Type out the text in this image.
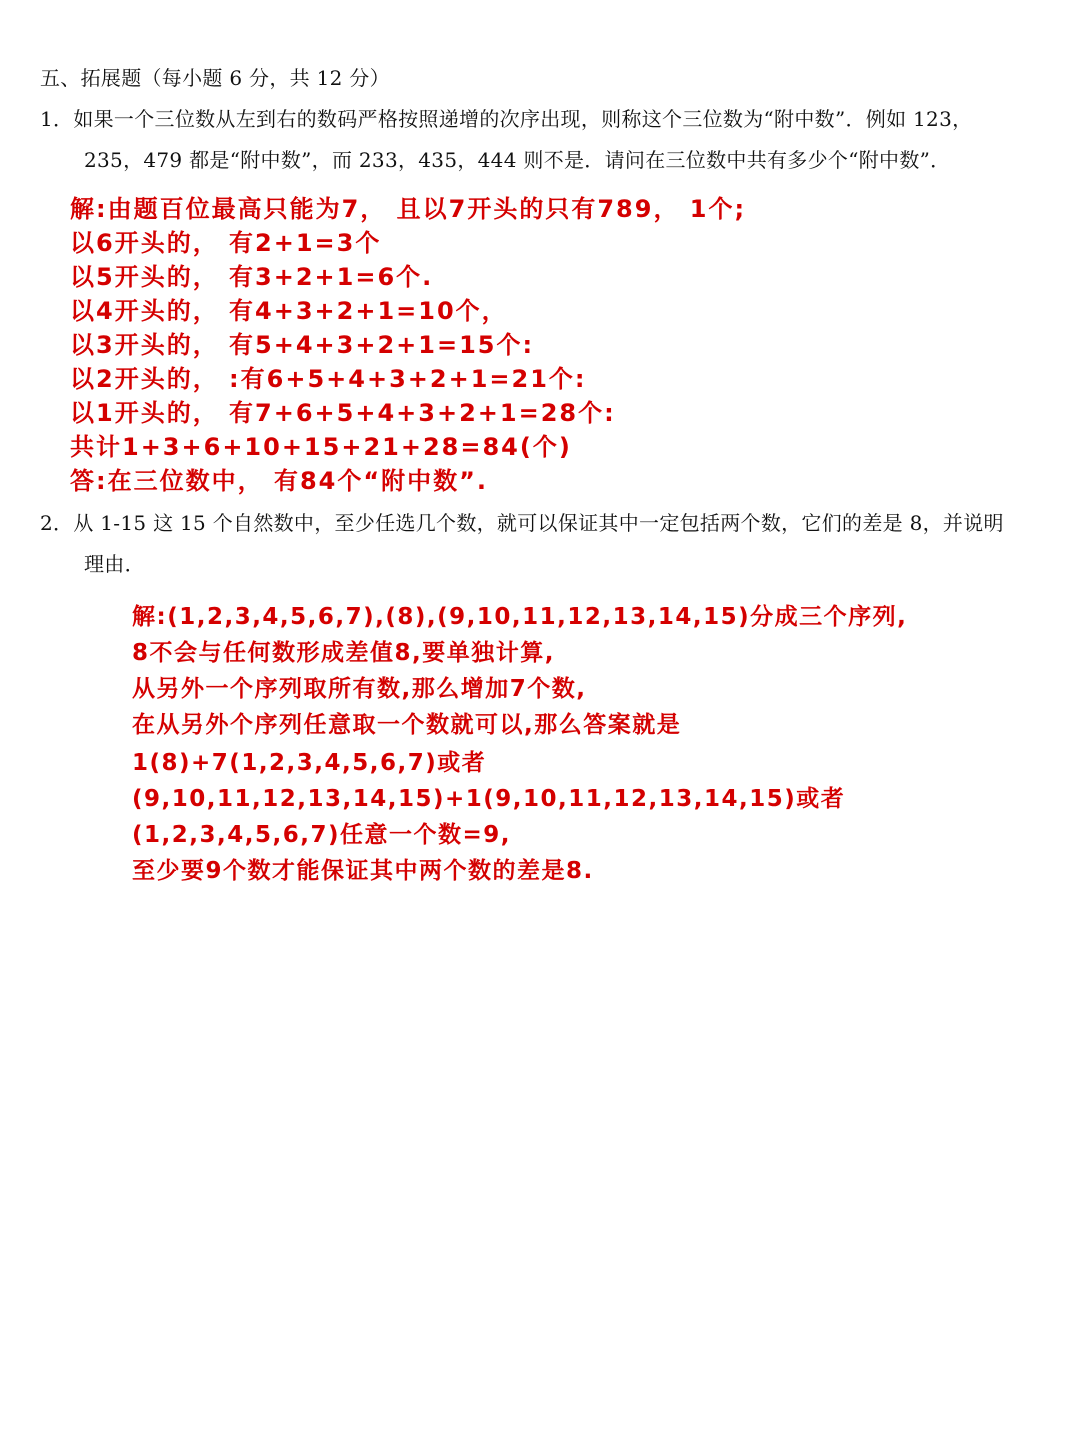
五、拓展题（每小题 6 分，共 12 分）
1．如果一个三位数从左到右的数码严格按照递增的次序出现，则称这个三位数为“附中数”．例如 123，
235，479 都是“附中数”，而 233，435，444 则不是．请问在三位数中共有多少个“附中数”．
解:由题百位最高只能为7， 且以7开头的只有789， 1个;
以6开头的， 有2+1=3个
以5开头的， 有3+2+1=6个.
以4开头的， 有4+3+2+1=10个，
以3开头的， 有5+4+3+2+1=15个:
以2开头的， :有6+5+4+3+2+1=21个:
以1开头的， 有7+6+5+4+3+2+1=28个:
共计1+3+6+10+15+21+28=84(个)
答:在三位数中， 有84个“附中数”.
2．从 1-15 这 15 个自然数中，至少任选几个数，就可以保证其中一定包括两个数，它们的差是 8，并说明
理由．
解:(1,2,3,4,5,6,7),(8),(9,10,11,12,13,14,15)分成三个序列,
8不会与任何数形成差值8,要单独计算,
从另外一个序列取所有数,那么增加7个数,
在从另外个序列任意取一个数就可以,那么答案就是
1(8)+7(1,2,3,4,5,6,7)或者
(9,10,11,12,13,14,15)+1(9,10,11,12,13,14,15)或者
(1,2,3,4,5,6,7)任意一个数=9,
至少要9个数才能保证其中两个数的差是8.
